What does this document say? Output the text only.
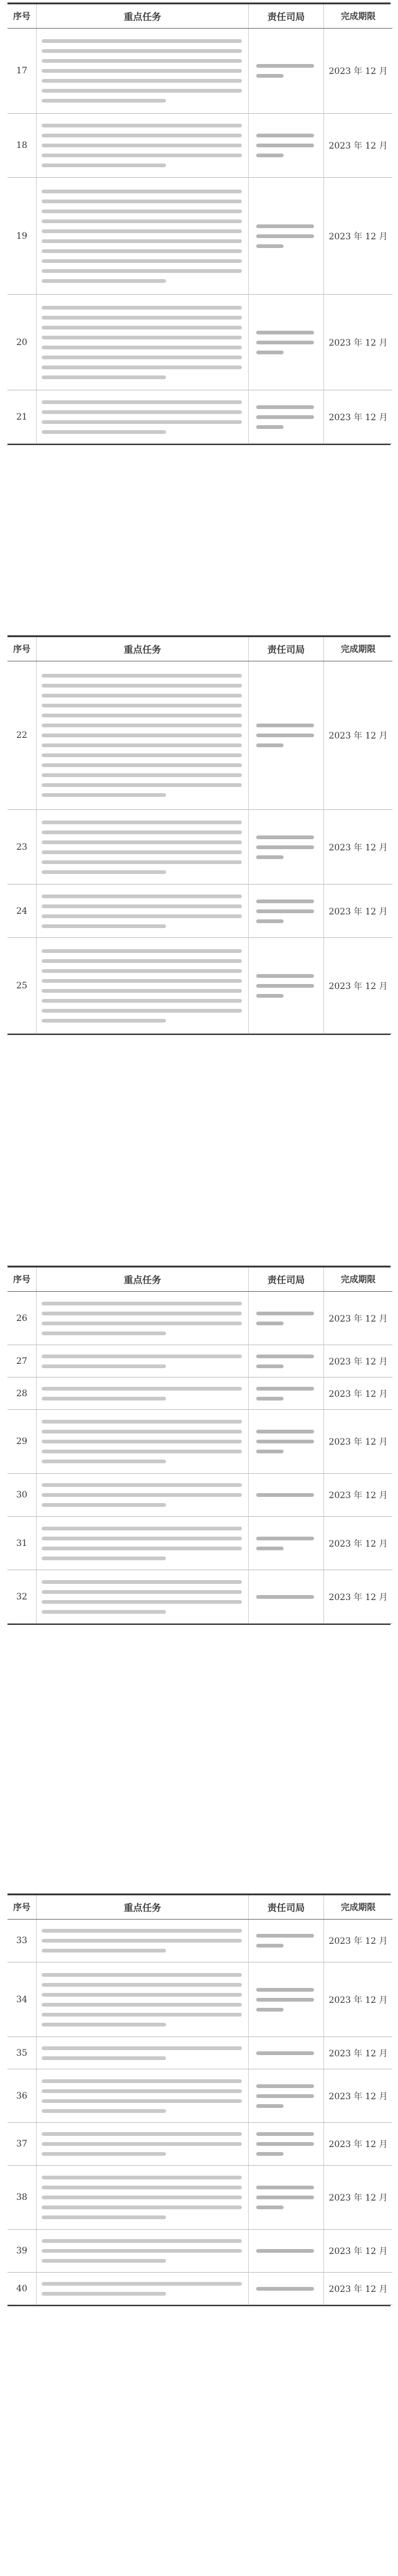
序号	重点任务	责任司局	完成期限

17			2023 年 12 月

18			2023 年 12 月

19			2023 年 12 月

20			2023 年 12 月

21			2023 年 12 月
序号	重点任务	责任司局	完成期限

22			2023 年 12 月

23			2023 年 12 月

24			2023 年 12 月

25			2023 年 12 月
序号	重点任务	责任司局	完成期限

26			2023 年 12 月

27			2023 年 12 月

28			2023 年 12 月

29			2023 年 12 月

30			2023 年 12 月

31			2023 年 12 月

32			2023 年 12 月
序号	重点任务	责任司局	完成期限

33			2023 年 12 月

34			2023 年 12 月

35			2023 年 12 月

36			2023 年 12 月

37			2023 年 12 月

38			2023 年 12 月

39			2023 年 12 月

40			2023 年 12 月
